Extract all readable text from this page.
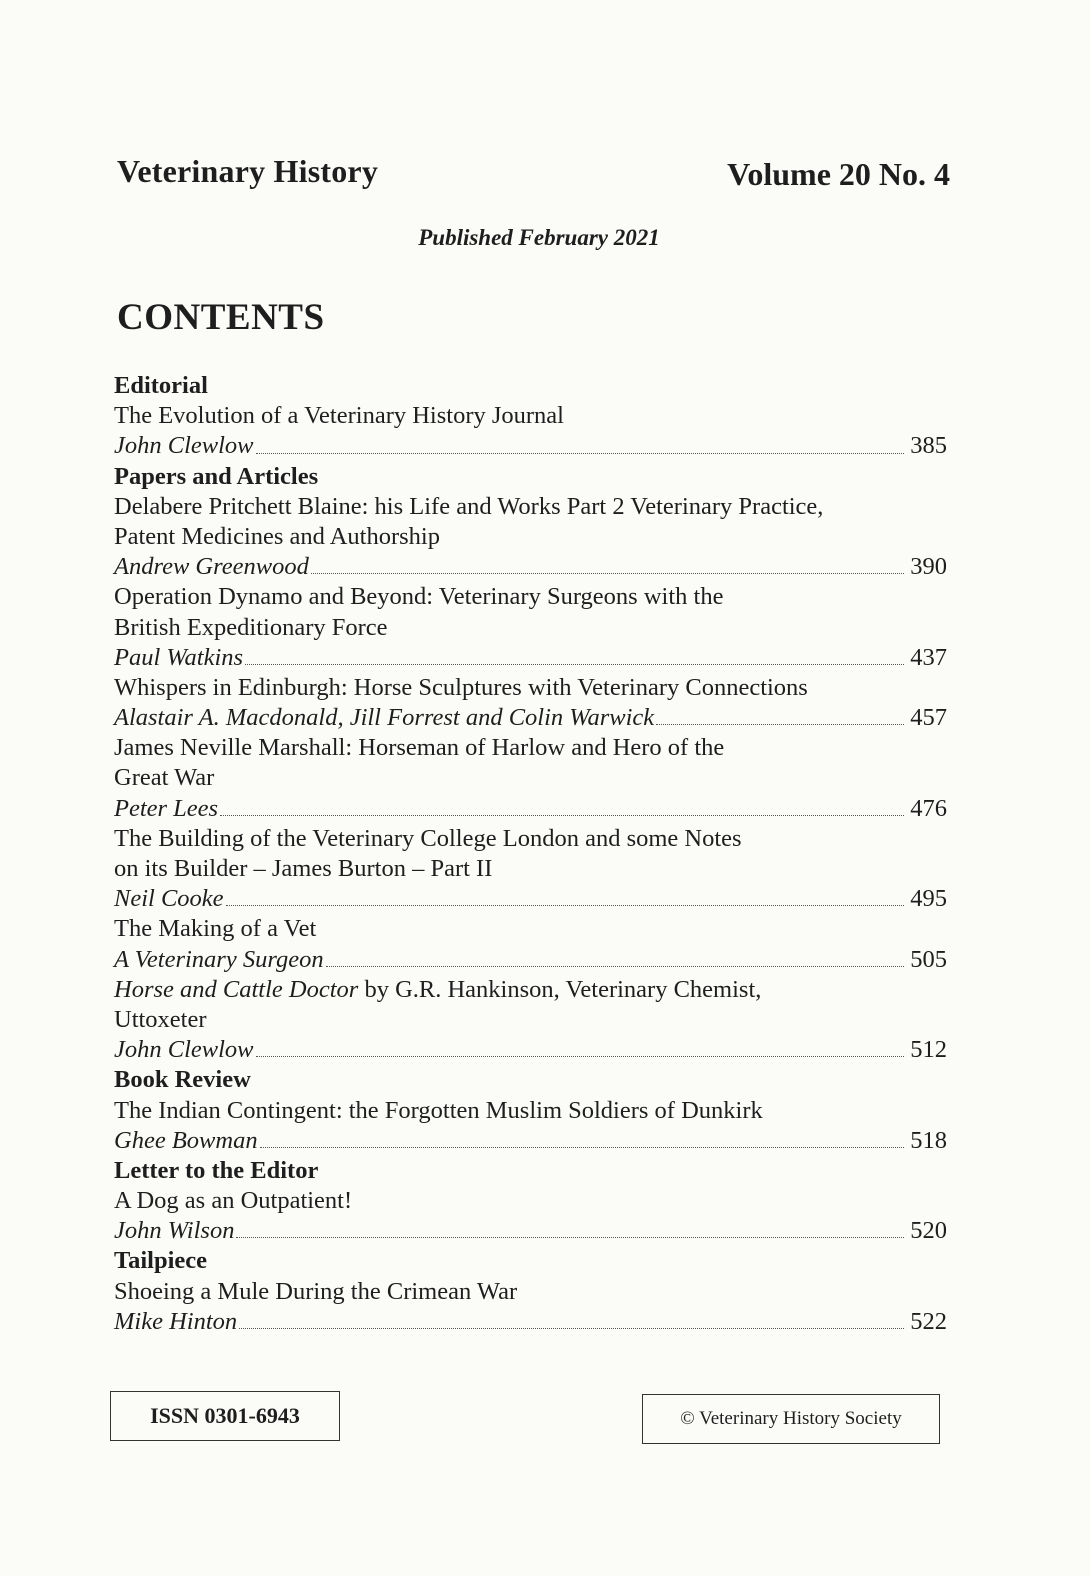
Veterinary History	Volume 20 No. 4
Published February 2021
CONTENTS
Editorial
The Evolution of a Veterinary History Journal
John Clewlow	385
Papers and Articles
Delabere Pritchett Blaine: his Life and Works Part 2 Veterinary Practice,
Patent Medicines and Authorship
Andrew Greenwood	390
Operation Dynamo and Beyond: Veterinary Surgeons with the
British Expeditionary Force
Paul Watkins	437
Whispers in Edinburgh: Horse Sculptures with Veterinary Connections
Alastair A. Macdonald, Jill Forrest and Colin Warwick	457
James Neville Marshall: Horseman of Harlow and Hero of the
Great War
Peter Lees	476
The Building of the Veterinary College London and some Notes
on its Builder – James Burton – Part II
Neil Cooke	495
The Making of a Vet
A Veterinary Surgeon	505
Horse and Cattle Doctor by G.R. Hankinson, Veterinary Chemist,
Uttoxeter
John Clewlow	512
Book Review
The Indian Contingent: the Forgotten Muslim Soldiers of Dunkirk
Ghee Bowman	518
Letter to the Editor
A Dog as an Outpatient!
John Wilson	520
Tailpiece
Shoeing a Mule During the Crimean War
Mike Hinton	522
ISSN 0301-6943	© Veterinary History Society
